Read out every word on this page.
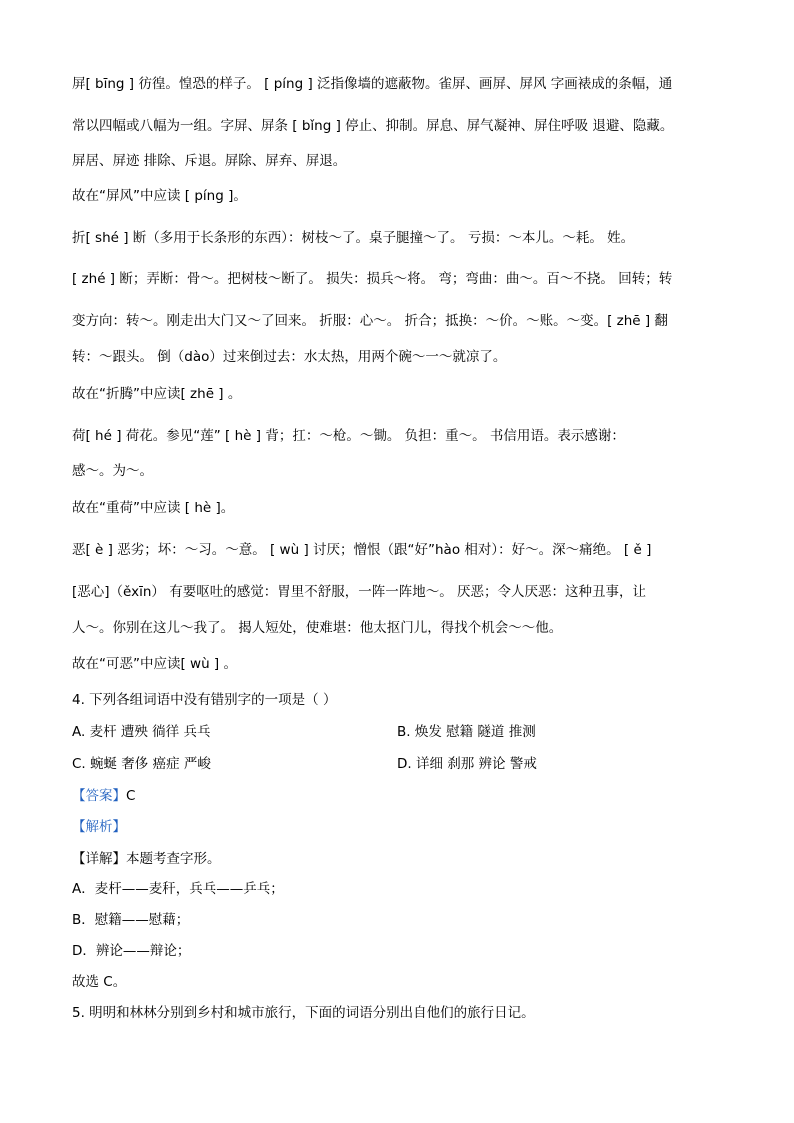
屏[ bīng ] 彷徨。惶恐的样子。 [ píng ] 泛指像墙的遮蔽物。雀屏、画屏、屏风 字画裱成的条幅，通
常以四幅或八幅为一组。字屏、屏条 [ bǐng ] 停止、抑制。屏息、屏气凝神、屏住呼吸 退避、隐藏。
屏居、屏迹 排除、斥退。屏除、屏弃、屏退。
故在“屏风”中应读 [ píng ]。
折[ shé ] 断（多用于长条形的东西）：树枝～了。桌子腿撞～了。 亏损：～本儿。～耗。 姓。
[ zhé ] 断；弄断：骨～。把树枝～断了。 损失：损兵～将。 弯；弯曲：曲～。百～不挠。 回转；转
变方向：转～。刚走出大门又～了回来。 折服：心～。 折合；抵换：～价。～账。～变。[ zhē ] 翻
转：～跟头。 倒（dào）过来倒过去：水太热，用两个碗～一～就凉了。
故在“折腾”中应读[ zhē ] 。
荷[ hé ] 荷花。参见“莲” [ hè ] 背；扛：～枪。～锄。 负担：重～。 书信用语。表示感谢：
感～。为～。
故在“重荷”中应读 [ hè ]。
恶[ è ] 恶劣；坏：～习。～意。 [ wù ] 讨厌；憎恨（跟“好”hào 相对）：好～。深～痛绝。 [ ě ]
[恶心]（ěxīn） 有要呕吐的感觉：胃里不舒服，一阵一阵地～。 厌恶；令人厌恶：这种丑事，让
人～。你别在这儿～我了。 揭人短处，使难堪：他太抠门儿，得找个机会～～他。
故在“可恶”中应读[ wù ] 。
4. 下列各组词语中没有错别字的一项是（ ）
A. 麦杆 遭殃 徜徉 兵乓	B. 焕发 慰籍 隧道 推测
C. 蜿蜒 奢侈 癌症 严峻	D. 详细 刹那 辨论 警戒
【答案】C
【解析】
【详解】本题考查字形。
A．麦杆——麦秆，兵乓——乒乓；
B．慰籍——慰藉；
D．辨论——辩论；
故选 C。
5. 明明和林林分别到乡村和城市旅行，下面的词语分别出自他们的旅行日记。
